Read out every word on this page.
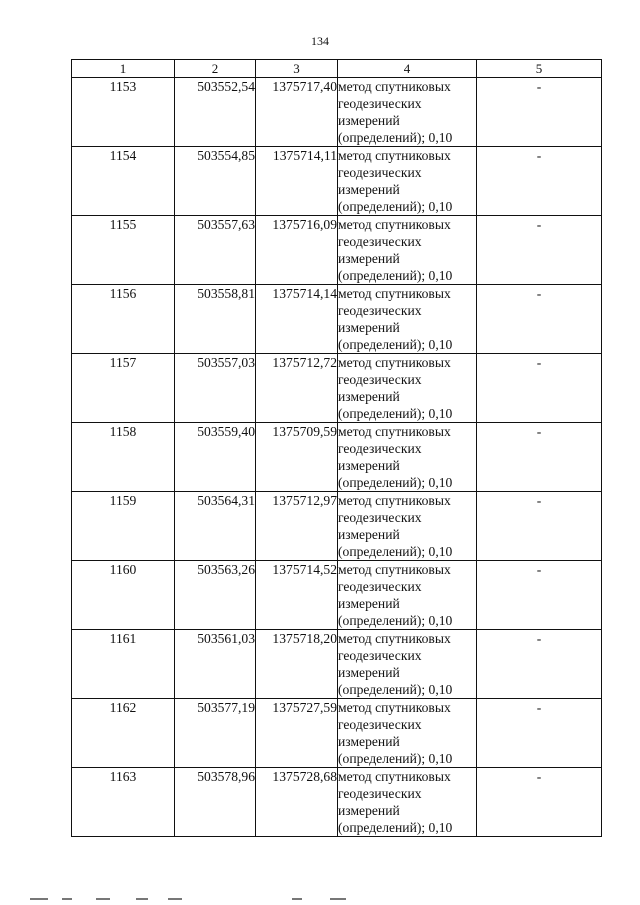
134
1	2	3	4	5
1153	503552,54	1375717,40	метод спутниковых
геодезических
измерений
(определений); 0,10	-
1154	503554,85	1375714,11	метод спутниковых
геодезических
измерений
(определений); 0,10	-
1155	503557,63	1375716,09	метод спутниковых
геодезических
измерений
(определений); 0,10	-
1156	503558,81	1375714,14	метод спутниковых
геодезических
измерений
(определений); 0,10	-
1157	503557,03	1375712,72	метод спутниковых
геодезических
измерений
(определений); 0,10	-
1158	503559,40	1375709,59	метод спутниковых
геодезических
измерений
(определений); 0,10	-
1159	503564,31	1375712,97	метод спутниковых
геодезических
измерений
(определений); 0,10	-
1160	503563,26	1375714,52	метод спутниковых
геодезических
измерений
(определений); 0,10	-
1161	503561,03	1375718,20	метод спутниковых
геодезических
измерений
(определений); 0,10	-
1162	503577,19	1375727,59	метод спутниковых
геодезических
измерений
(определений); 0,10	-
1163	503578,96	1375728,68	метод спутниковых
геодезических
измерений
(определений); 0,10	-
